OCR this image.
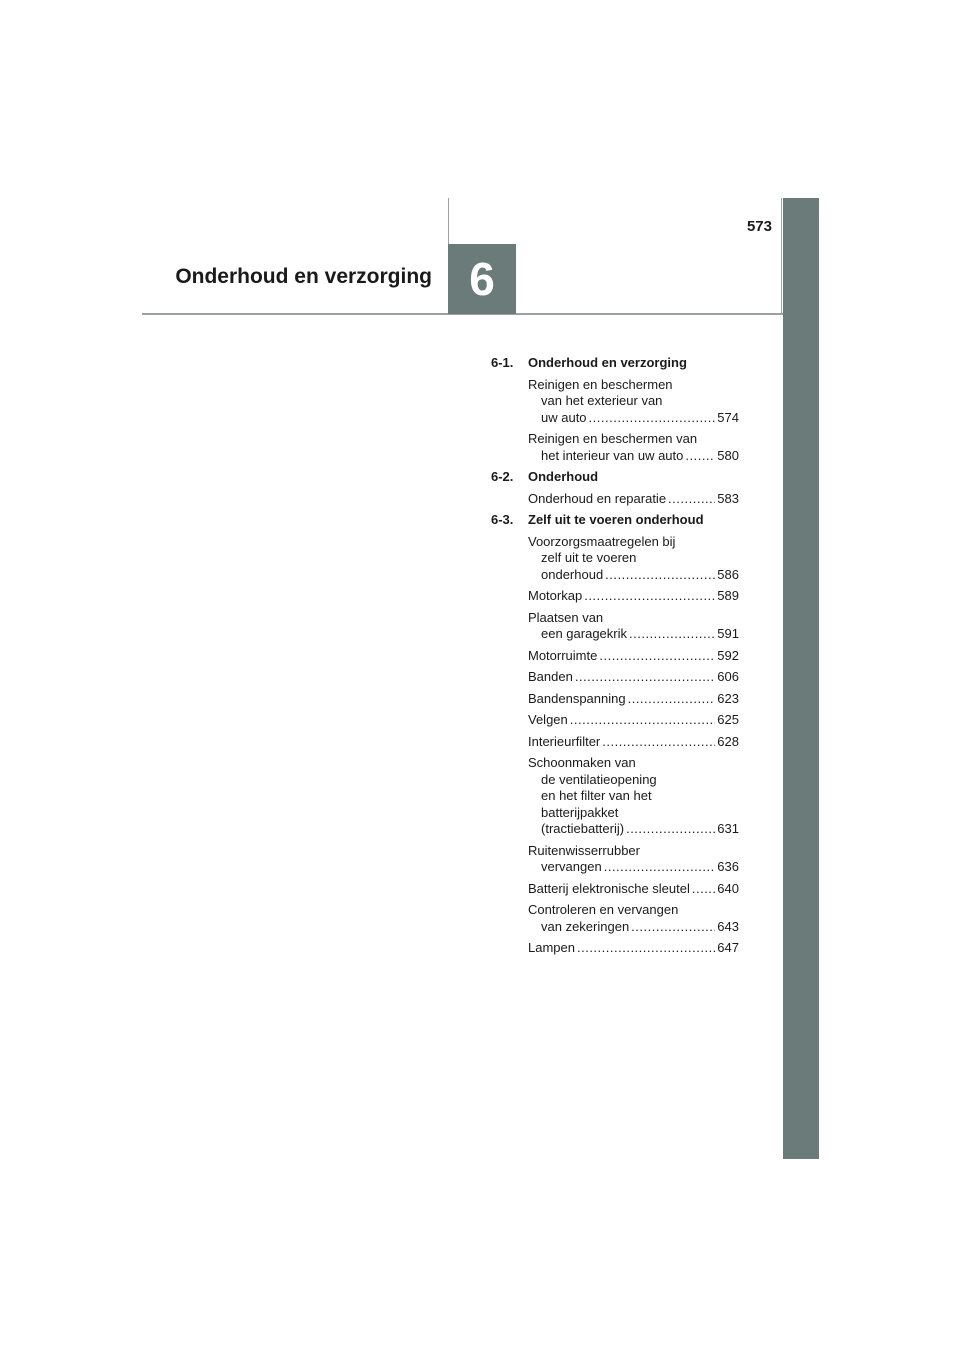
573
Onderhoud en verzorging 6
6-1.	Onderhoud en verzorging
Reinigen en beschermen
van het exterieur van
uw auto .....	574
Reinigen en beschermen van
het interieur van uw auto .....	580
6-2.	Onderhoud
Onderhoud en reparatie .....	583
6-3.	Zelf uit te voeren onderhoud
Voorzorgsmaatregelen bij
zelf uit te voeren
onderhoud .....	586
Motorkap .....	589
Plaatsen van
een garagekrik .....	591
Motorruimte .....	592
Banden .....	606
Bandenspanning .....	623
Velgen .....	625
Interieurfilter .....	628
Schoonmaken van
de ventilatieopening
en het filter van het
batterijpakket
(tractiebatterij) .....	631
Ruitenwisserrubber
vervangen .....	636
Batterij elektronische sleutel ..... 640
Controleren en vervangen
van zekeringen .....	643
Lampen .....	647
